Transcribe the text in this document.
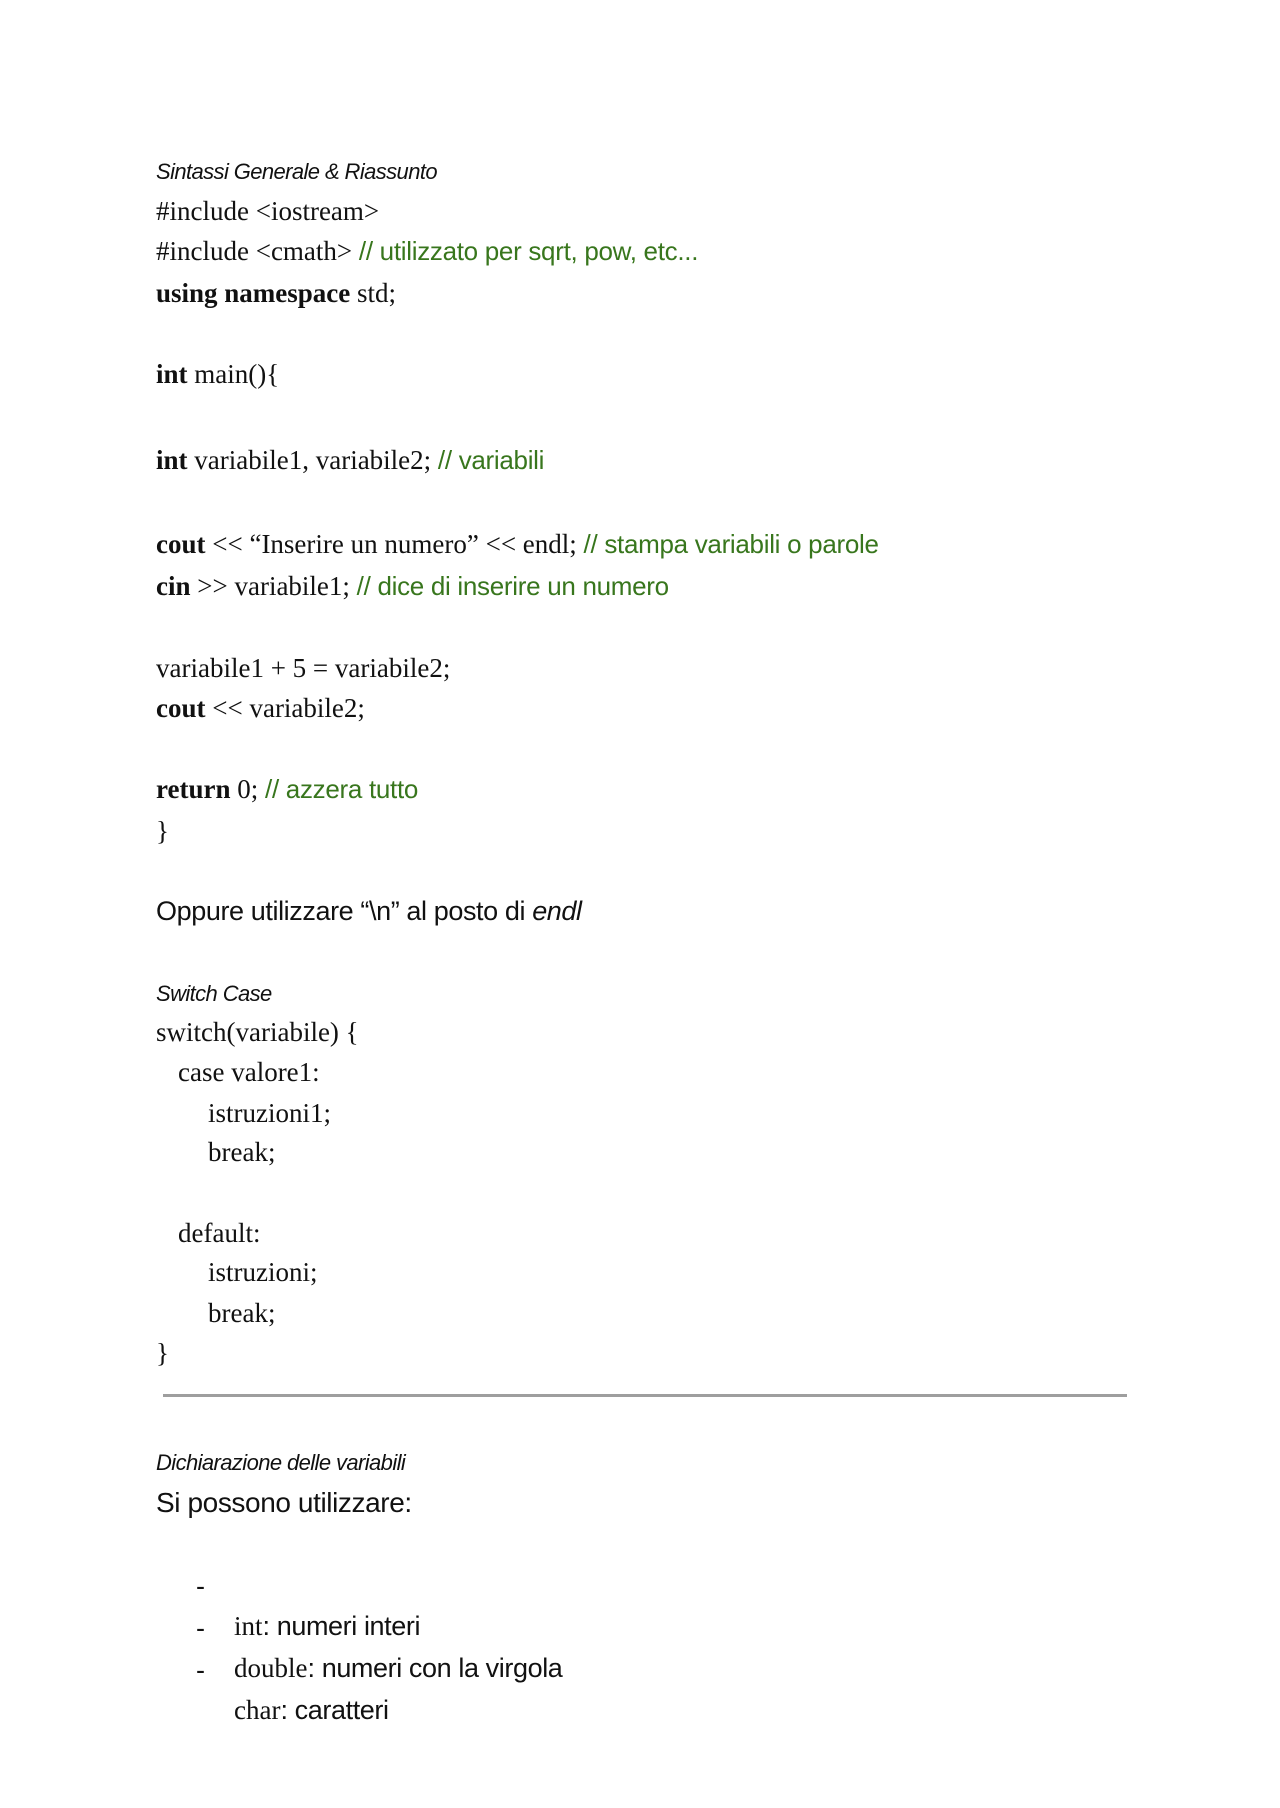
Sintassi Generale & Riassunto
#include <iostream>
#include <cmath> // utilizzato per sqrt, pow, etc...
using namespace std;
int main(){
int variabile1, variabile2; // variabili
cout << “Inserire un numero” << endl; // stampa variabili o parole
cin >> variabile1; // dice di inserire un numero
variabile1 + 5 = variabile2;
cout << variabile2;
return 0; // azzera tutto
}
Oppure utilizzare “\n” al posto di endl
Switch Case
switch(variabile) {
case valore1:
istruzioni1;
break;
default:
istruzioni;
break;
}
Dichiarazione delle variabili
Si possono utilizzare:

-

int: numeri interi

-

double: numeri con la virgola

-

char: caratteri
